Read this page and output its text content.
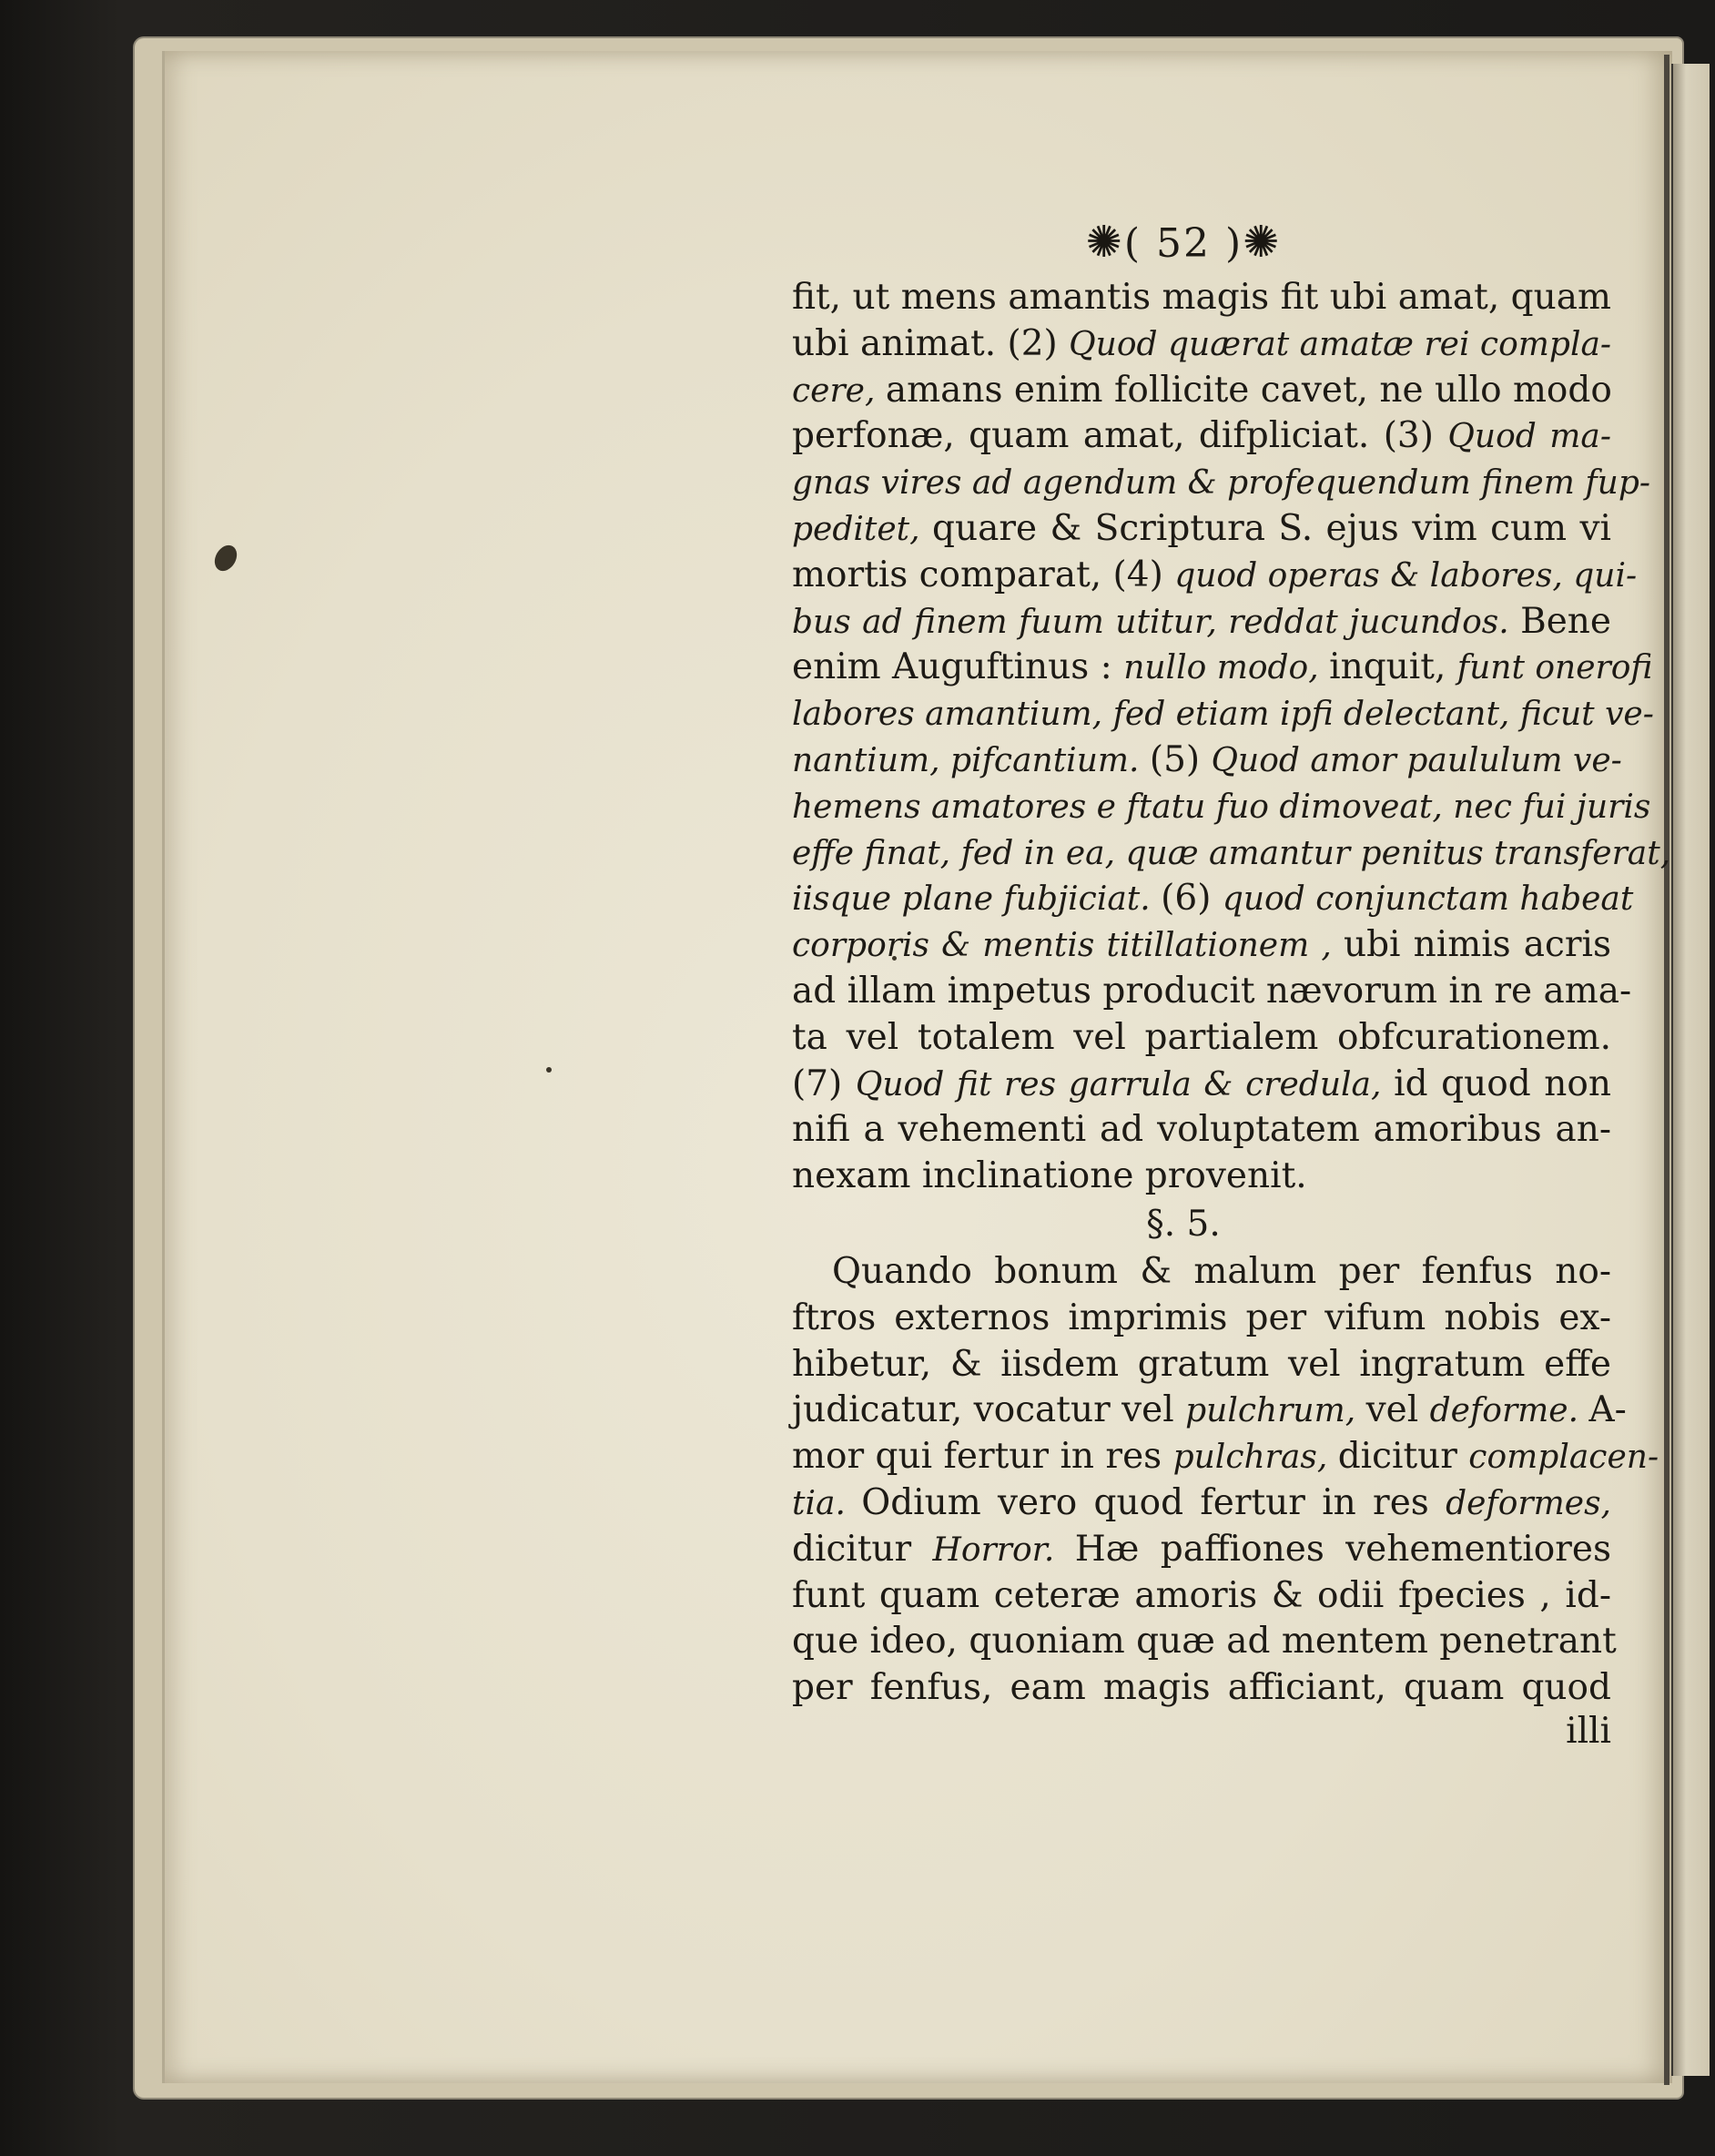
✺( 52 )✺
fit, ut mens amantis magis fit ubi amat, quam
ubi animat. (2) Quod quærat amatæ rei compla-
cere, amans enim follicite cavet, ne ullo modo
perfonæ, quam amat, difpliciat. (3) Quod ma-
gnas vires ad agendum & profequendum finem fup-
peditet, quare & Scriptura S. ejus vim cum vi
mortis comparat, (4) quod operas & labores, qui-
bus ad finem fuum utitur, reddat jucundos. Bene
enim Auguftinus : nullo modo, inquit, funt onerofi
labores amantium, fed etiam ipfi delectant, ficut ve-
nantium, pifcantium. (5) Quod amor paululum ve-
hemens amatores e ftatu fuo dimoveat, nec fui juris
effe finat, fed in ea, quæ amantur penitus transferat,
iisque plane fubjiciat. (6) quod conjunctam habeat
corporis & mentis titillationem , ubi nimis acris
ad illam impetus producit nævorum in re ama-
ta vel totalem vel partialem obfcurationem.
(7) Quod fit res garrula & credula, id quod non
nifi a vehementi ad voluptatem amoribus an-
nexam inclinatione provenit.
§. 5.
Quando bonum & malum per fenfus no-
ftros externos imprimis per vifum nobis ex-
hibetur, & iisdem gratum vel ingratum effe
judicatur, vocatur vel pulchrum, vel deforme. A-
mor qui fertur in res pulchras, dicitur complacen-
tia. Odium vero quod fertur in res deformes,
dicitur Horror. Hæ paffiones vehementiores
funt quam ceteræ amoris & odii fpecies , id-
que ideo, quoniam quæ ad mentem penetrant
per fenfus, eam magis afficiant, quam quod
illi
